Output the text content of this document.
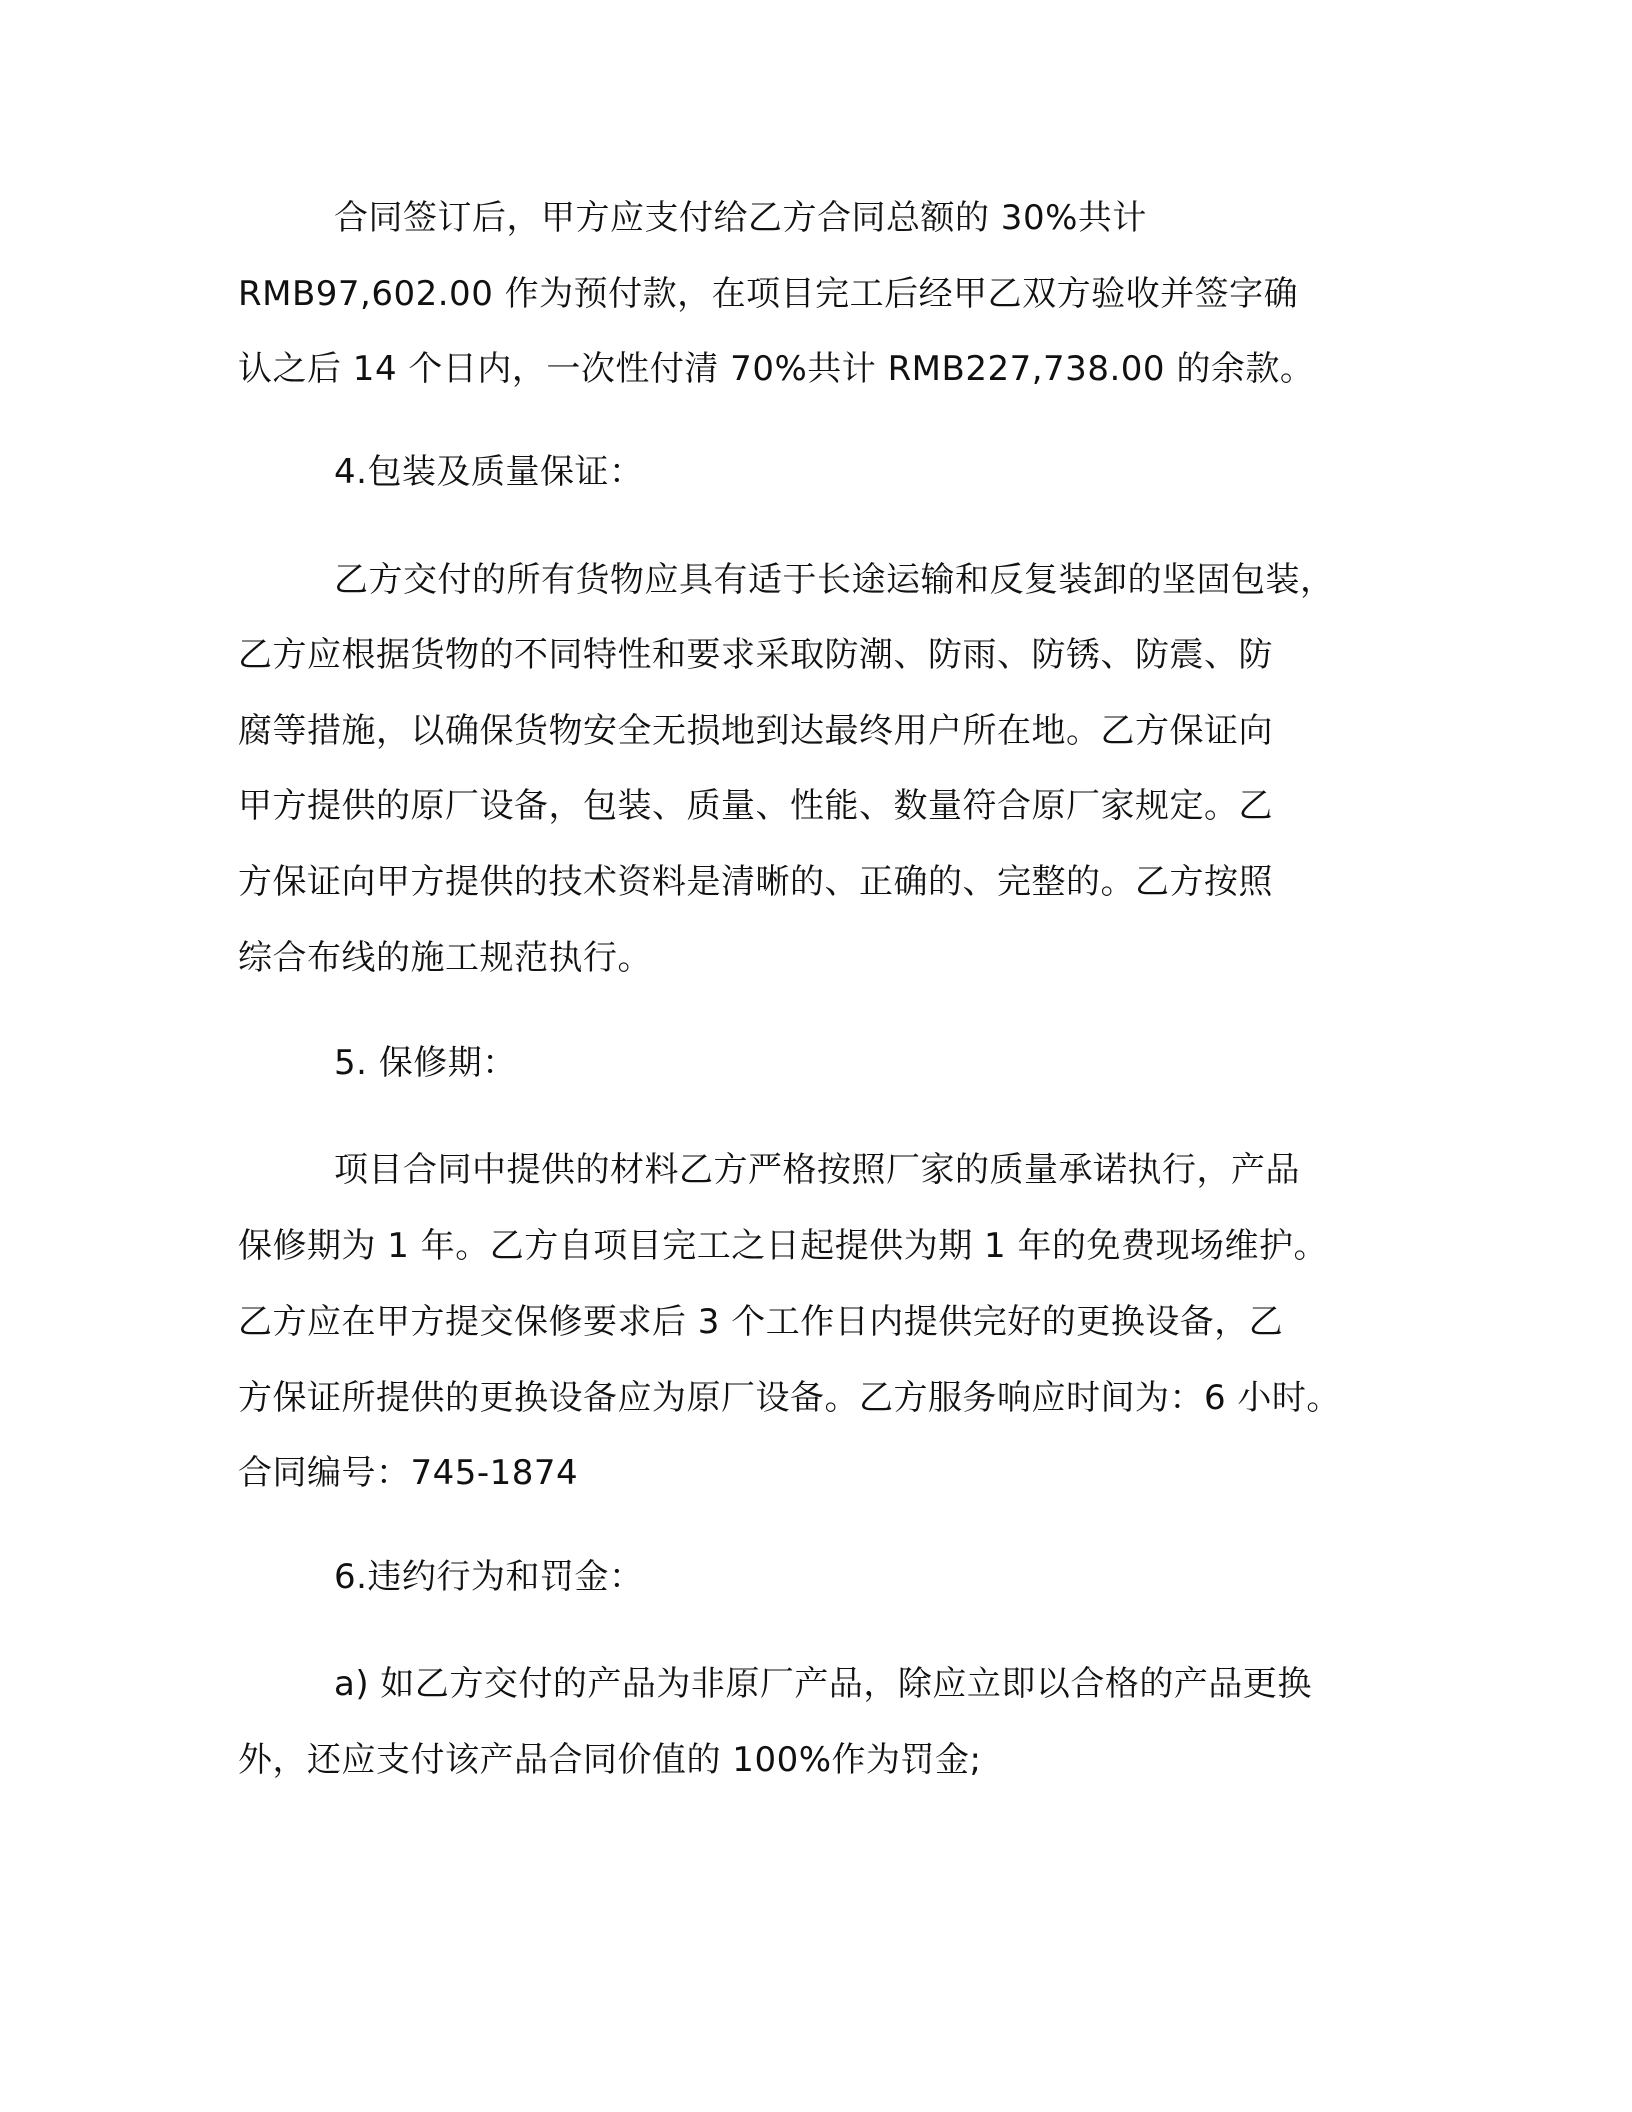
合同签订后，甲方应支付给乙方合同总额的 30%共计
RMB97,602.00 作为预付款，在项目完工后经甲乙双方验收并签字确
认之后 14 个日内，一次性付清 70%共计 RMB227,738.00 的余款。
4.包装及质量保证：
乙方交付的所有货物应具有适于长途运输和反复装卸的坚固包装，
乙方应根据货物的不同特性和要求采取防潮、防雨、防锈、防震、防
腐等措施，以确保货物安全无损地到达最终用户所在地。乙方保证向
甲方提供的原厂设备，包装、质量、性能、数量符合原厂家规定。乙
方保证向甲方提供的技术资料是清晰的、正确的、完整的。乙方按照
综合布线的施工规范执行。
5. 保修期：
项目合同中提供的材料乙方严格按照厂家的质量承诺执行，产品
保修期为 1 年。乙方自项目完工之日起提供为期 1 年的免费现场维护。
乙方应在甲方提交保修要求后 3 个工作日内提供完好的更换设备，乙
方保证所提供的更换设备应为原厂设备。乙方服务响应时间为：6 小时。
合同编号：745-1874
6.违约行为和罚金：
a) 如乙方交付的产品为非原厂产品，除应立即以合格的产品更换
外，还应支付该产品合同价值的 100%作为罚金;
